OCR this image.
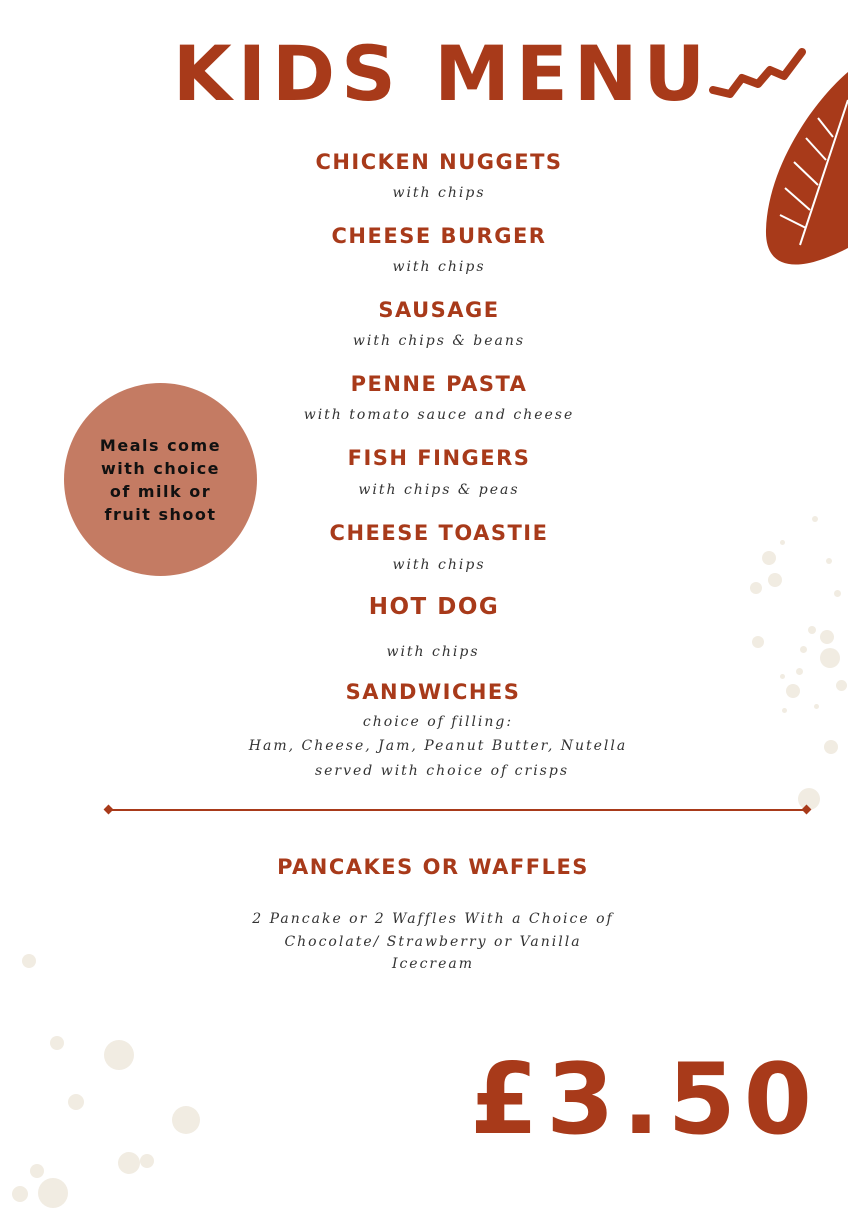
KIDS MENU
CHICKEN NUGGETS
with chips
CHEESE BURGER
with chips
SAUSAGE
with chips & beans
PENNE PASTA
with tomato sauce and cheese
FISH FINGERS
with chips & peas
CHEESE TOASTIE
with chips
HOT DOG
with chips
SANDWICHES
choice of filling:
Ham, Cheese, Jam, Peanut Butter, Nutella
served with choice of crisps
Meals come with choice of milk or fruit shoot
PANCAKES OR WAFFLES
2 Pancake or 2 Waffles With a Choice of
Chocolate/ Strawberry or Vanilla
Icecream
£3.50
